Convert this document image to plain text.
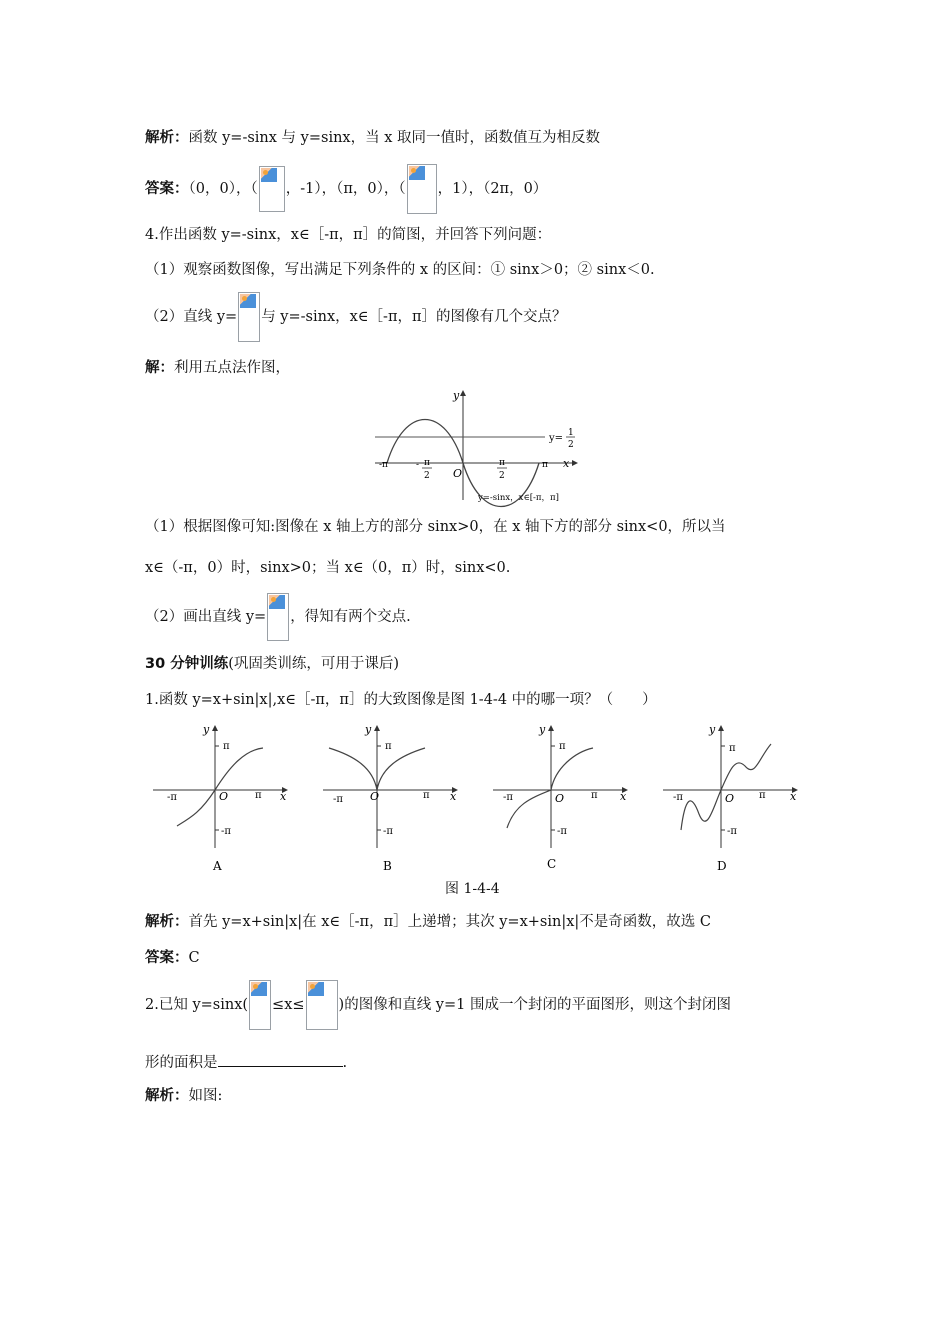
解析：函数 y=-sinx 与 y=sinx，当 x 取同一值时，函数值互为相反数
答案：（0，0），（ ，-1），（π，0），（ ，1），（2π，0）
4.作出函数 y=-sinx，x∈［-π，π］的简图，并回答下列问题：
（1）观察函数图像，写出满足下列条件的 x 的区间：① sinx＞0；② sinx＜0.
（2）直线 y= 与 y=-sinx，x∈［-π，π］的图像有几个交点？
解：利用五点法作图，
y
x
O
y= 1
2
-π	π
- π
2
π
2
y=-sinx，x∈[-π，π]
（1）根据图像可知:图像在 x 轴上方的部分 sinx>0，在 x 轴下方的部分 sinx<0，所以当
x∈（-π，0）时，sinx>0；当 x∈（0，π）时，sinx<0.
（2）画出直线 y= ，得知有两个交点.
30 分钟训练(巩固类训练，可用于课后)
1.函数 y=x+sin|x|,x∈［-π，π］的大致图像是图 1-4-4 中的哪一项？（　　）
y
x
O
π
-π
-π	π
A
y
x
O
π
-π
-π	π
B
y
x
O
π
-π
-π	π
C
y
x
O
π
-π
-π	π
D
图 1-4-4
解析：首先 y=x+sin|x|在 x∈［-π，π］上递增；其次 y=x+sin|x|不是奇函数，故选 C
答案：C
2.已知 y=sinx( ≤x≤ )的图像和直线 y=1 围成一个封闭的平面图形，则这个封闭图
形的面积是	.
解析：如图:
